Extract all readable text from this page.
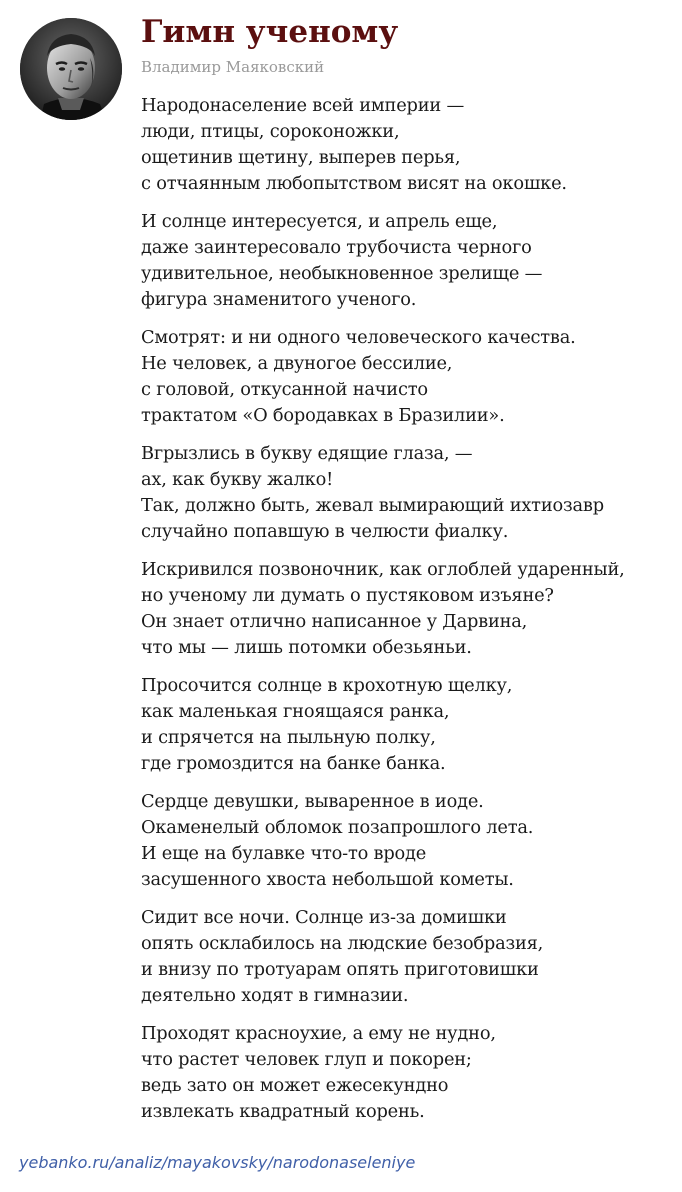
Гимн ученому

Владимир Маяковский

Народонаселение всей империи —
люди, птицы, сороконожки,
ощетинив щетину, выперев перья,
с отчаянным любопытством висят на окошке.

И солнце интересуется, и апрель еще,
даже заинтересовало трубочиста черного
удивительное, необыкновенное зрелище —
фигура знаменитого ученого.

Смотрят: и ни одного человеческого качества.
Не человек, а двуногое бессилие,
с головой, откусанной начисто
трактатом «О бородавках в Бразилии».

Вгрызлись в букву едящие глаза, —
ах, как букву жалко!
Так, должно быть, жевал вымирающий ихтиозавр
случайно попавшую в челюсти фиалку.

Искривился позвоночник, как оглоблей ударенный,
но ученому ли думать о пустяковом изъяне?
Он знает отлично написанное у Дарвина,
что мы — лишь потомки обезьяньи.

Просочится солнце в крохотную щелку,
как маленькая гноящаяся ранка,
и спрячется на пыльную полку,
где громоздится на банке банка.

Сердце девушки, вываренное в иоде.
Окаменелый обломок позапрошлого лета.
И еще на булавке что-то вроде
засушенного хвоста небольшой кометы.

Сидит все ночи. Солнце из-за домишки
опять осклабилось на людские безобразия,
и внизу по тротуарам опять приготовишки
деятельно ходят в гимназии.

Проходят красноухие, а ему не нудно,
что растет человек глуп и покорен;
ведь зато он может ежесекундно
извлекать квадратный корень.

yebanko.ru/analiz/mayakovsky/narodonaseleniye
